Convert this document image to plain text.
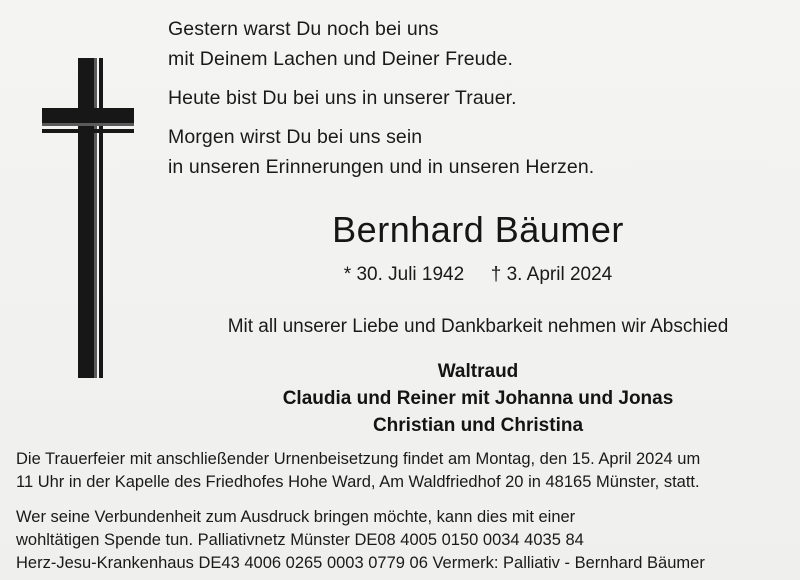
Gestern warst Du noch bei uns
mit Deinem Lachen und Deiner Freude.
Heute bist Du bei uns in unserer Trauer.
Morgen wirst Du bei uns sein
in unseren Erinnerungen und in unseren Herzen.
Bernhard Bäumer
* 30. Juli 1942 † 3. April 2024
Mit all unserer Liebe und Dankbarkeit nehmen wir Abschied
Waltraud
Claudia und Reiner mit Johanna und Jonas
Christian und Christina
Die Trauerfeier mit anschließender Urnenbeisetzung findet am Montag, den 15. April 2024 um
11 Uhr in der Kapelle des Friedhofes Hohe Ward, Am Waldfriedhof 20 in 48165 Münster, statt.
Wer seine Verbundenheit zum Ausdruck bringen möchte, kann dies mit einer
wohltätigen Spende tun. Palliativnetz Münster DE08 4005 0150 0034 4035 84
Herz-Jesu-Krankenhaus DE43 4006 0265 0003 0779 06 Vermerk: Palliativ - Bernhard Bäumer
